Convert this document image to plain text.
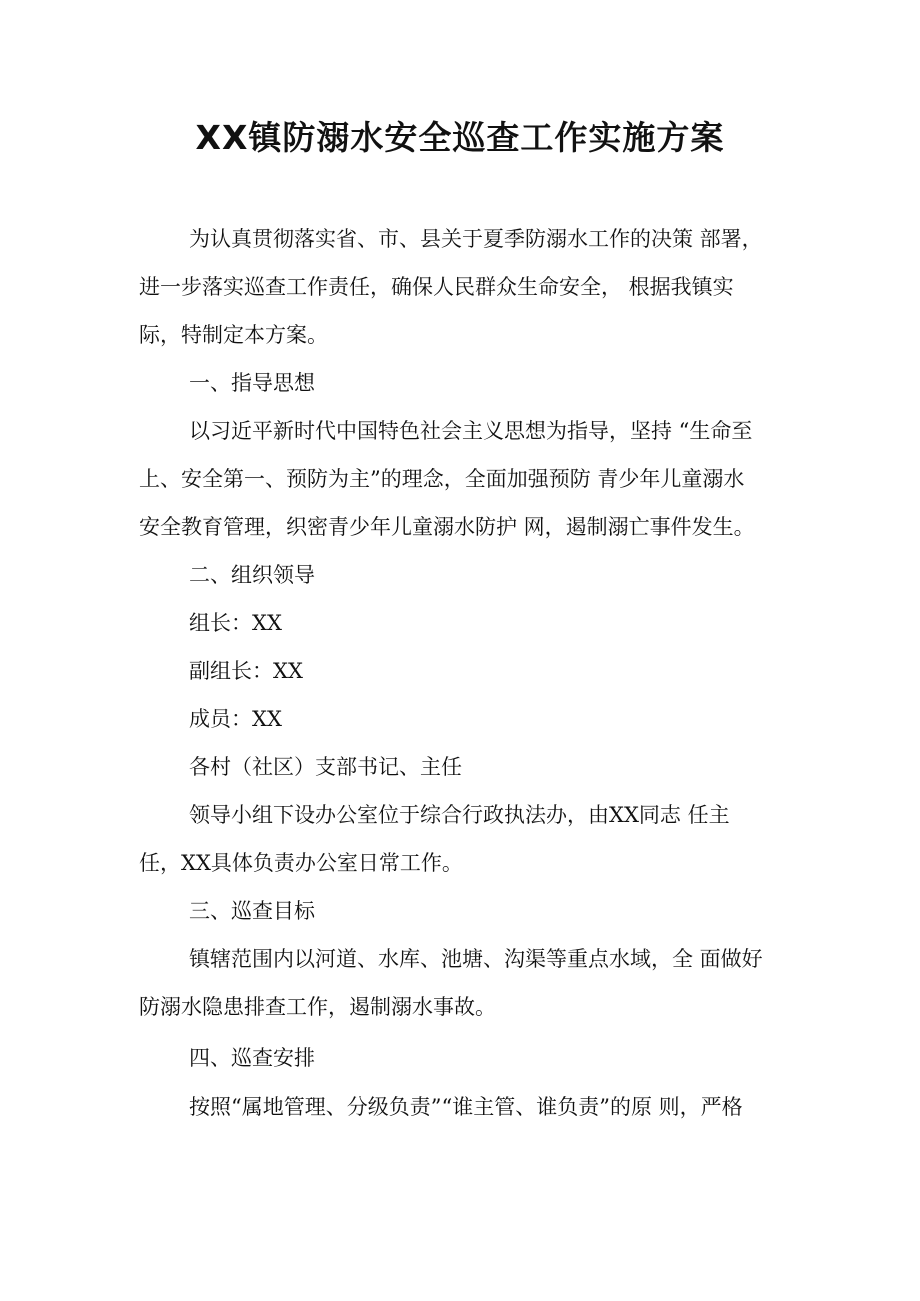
XX镇防溺水安全巡查工作实施方案
为认真贯彻落实省、市、县关于夏季防溺水工作的决策 部署，
进一步落实巡查工作责任，确保人民群众生命安全， 根据我镇实
际，特制定本方案。
一、指导思想
以习近平新时代中国特色社会主义思想为指导，坚持 “生命至
上、安全第一、预防为主”的理念，全面加强预防 青少年儿童溺水
安全教育管理，织密青少年儿童溺水防护 网，遏制溺亡事件发生。
二、组织领导
组长：XX
副组长：XX
成员：XX
各村（社区）支部书记、主任
领导小组下设办公室位于综合行政执法办，由XX同志 任主
任，XX具体负责办公室日常工作。
三、巡查目标
镇辖范围内以河道、水库、池塘、沟渠等重点水域，全 面做好
防溺水隐患排查工作，遏制溺水事故。
四、巡查安排
按照“属地管理、分级负责”“谁主管、谁负责”的原 则，严格
